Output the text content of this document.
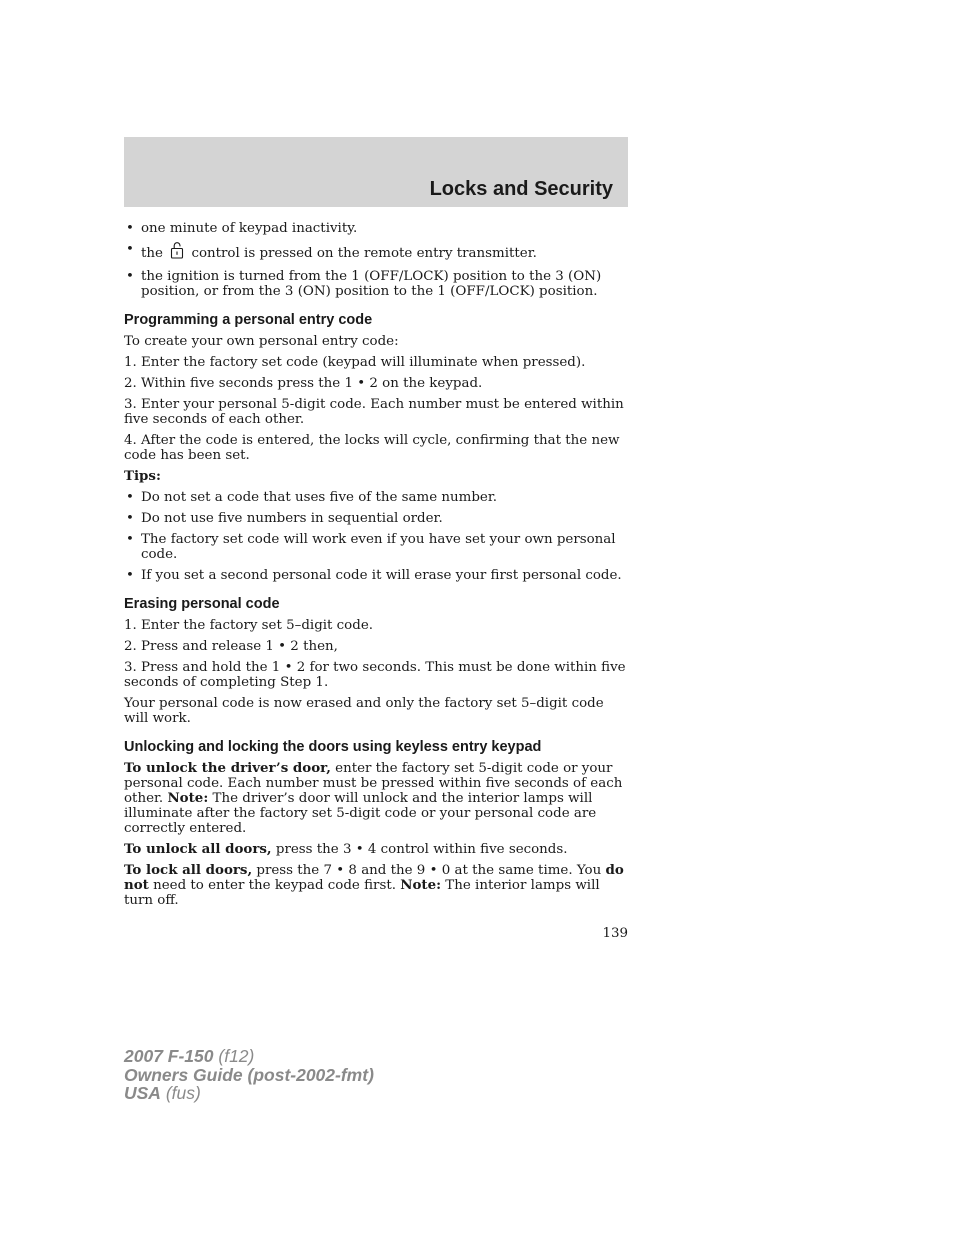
Locks and Security
• one minute of keypad inactivity.
• the control is pressed on the remote entry transmitter.
• the ignition is turned from the 1 (OFF/LOCK) position to the 3 (ON) position, or from the 3 (ON) position to the 1 (OFF/LOCK) position.
Programming a personal entry code

To create your own personal entry code:

1. Enter the factory set code (keypad will illuminate when pressed).

2. Within five seconds press the 1 • 2 on the keypad.

3. Enter your personal 5-digit code. Each number must be entered within five seconds of each other.

4. After the code is entered, the locks will cycle, confirming that the new code has been set.

Tips:

• Do not set a code that uses five of the same number.
• Do not use five numbers in sequential order.
• The factory set code will work even if you have set your own personal code.
• If you set a second personal code it will erase your first personal code.
Erasing personal code

1. Enter the factory set 5–digit code.

2. Press and release 1 • 2 then,

3. Press and hold the 1 • 2 for two seconds. This must be done within five seconds of completing Step 1.

Your personal code is now erased and only the factory set 5–digit code will work.

Unlocking and locking the doors using keyless entry keypad

To unlock the driver’s door, enter the factory set 5-digit code or your personal code. Each number must be pressed within five seconds of each other. Note: The driver’s door will unlock and the interior lamps will illuminate after the factory set 5-digit code or your personal code are correctly entered.

To unlock all doors, press the 3 • 4 control within five seconds.

To lock all doors, press the 7 • 8 and the 9 • 0 at the same time. You do not need to enter the keypad code first. Note: The interior lamps will turn off.

139
2007 F-150 (f12)
Owners Guide (post-2002-fmt)
USA (fus)
